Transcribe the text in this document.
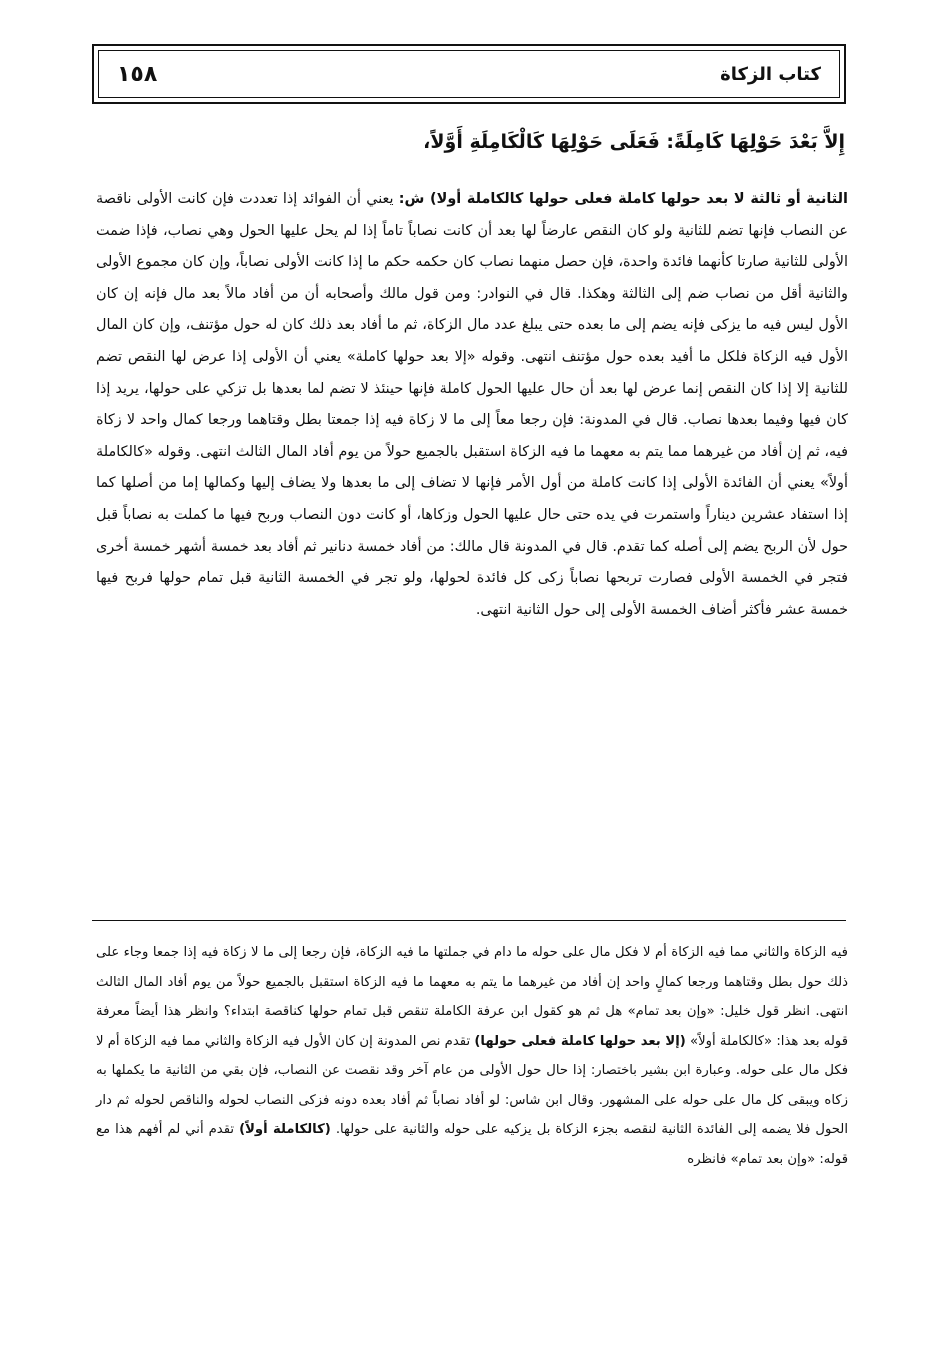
١٥٨	كتاب الزكاة
إِلاَّ بَعْدَ حَوْلِهَا كَامِلَةً: فَعَلَى حَوْلِهَا كَالْكَامِلَةِ أَوَّلاً،
الثانية أو ثالثة لا بعد حولها كاملة فعلى حولها كالكاملة أولا) ش: يعني أن الفوائد إذا تعددت فإن كانت الأولى ناقصة عن النصاب فإنها تضم للثانية ولو كان النقص عارضاً لها بعد أن كانت نصاباً تاماً إذا لم يحل عليها الحول وهي نصاب، فإذا ضمت الأولى للثانية صارتا كأنهما فائدة واحدة، فإن حصل منهما نصاب كان حكمه حكم ما إذا كانت الأولى نصاباً، وإن كان مجموع الأولى والثانية أقل من نصاب ضم إلى الثالثة وهكذا. قال في النوادر: ومن قول مالك وأصحابه أن من أفاد مالاً بعد مال فإنه إن كان الأول ليس فيه ما يزكى فإنه يضم إلى ما بعده حتى يبلغ عدد مال الزكاة، ثم ما أفاد بعد ذلك كان له حول مؤتنف، وإن كان المال الأول فيه الزكاة فلكل ما أفيد بعده حول مؤتنف انتهى. وقوله «إلا بعد حولها كاملة» يعني أن الأولى إذا عرض لها النقص تضم للثانية إلا إذا كان النقص إنما عرض لها بعد أن حال عليها الحول كاملة فإنها حينئذ لا تضم لما بعدها بل تزكي على حولها، يريد إذا كان فيها وفيما بعدها نصاب. قال في المدونة: فإن رجعا معاً إلى ما لا زكاة فيه إذا جمعتا بطل وقتاهما ورجعا كمال واحد لا زكاة فيه، ثم إن أفاد من غيرهما مما يتم به معهما ما فيه الزكاة استقبل بالجميع حولاً من يوم أفاد المال الثالث انتهى. وقوله «كالكاملة أولاً» يعني أن الفائدة الأولى إذا كانت كاملة من أول الأمر فإنها لا تضاف إلى ما بعدها ولا يضاف إليها وكمالها إما من أصلها كما إذا استفاد عشرين ديناراً واستمرت في يده حتى حال عليها الحول وزكاها، أو كانت دون النصاب وربح فيها ما كملت به نصاباً قبل حول لأن الربح يضم إلى أصله كما تقدم. قال في المدونة قال مالك: من أفاد خمسة دنانير ثم أفاد بعد خمسة أشهر خمسة أخرى فتجر في الخمسة الأولى فصارت تربحها نصاباً زكى كل فائدة لحولها، ولو تجر في الخمسة الثانية قبل تمام حولها فربح فيها خمسة عشر فأكثر أضاف الخمسة الأولى إلى حول الثانية انتهى.
فيه الزكاة والثاني مما فيه الزكاة أم لا فكل مال على حوله ما دام في جملتها ما فيه الزكاة، فإن رجعا إلى ما لا زكاة فيه إذا جمعا وجاء على ذلك حول بطل وقتاهما ورجعا كمالٍ واحد إن أفاد من غيرهما ما يتم به معهما ما فيه الزكاة استقبل بالجميع حولاً من يوم أفاد المال الثالث انتهى. انظر قول خليل: «وإن بعد تمام» هل ثم هو كقول ابن عرفة الكاملة تنقص قبل تمام حولها كناقصة ابتداء؟ وانظر هذا أيضاً معرفة قوله بعد هذا: «كالكاملة أولاً» (إلا بعد حولها كاملة فعلى حولها) تقدم نص المدونة إن كان الأول فيه الزكاة والثاني مما فيه الزكاة أم لا فكل مال على حوله. وعبارة ابن بشير باختصار: إذا حال حول الأولى من عام آخر وقد نقصت عن النصاب، فإن بقي من الثانية ما يكملها به زكاه ويبقى كل مال على حوله على المشهور. وقال ابن شاس: لو أفاد نصاباً ثم أفاد بعده دونه فزكى النصاب لحوله والناقص لحوله ثم دار الحول فلا يضمه إلى الفائدة الثانية لنقصه بجزء الزكاة بل يزكيه على حوله والثانية على حولها. (كالكاملة أولاً) تقدم أني لم أفهم هذا مع قوله: «وإن بعد تمام» فانظره
